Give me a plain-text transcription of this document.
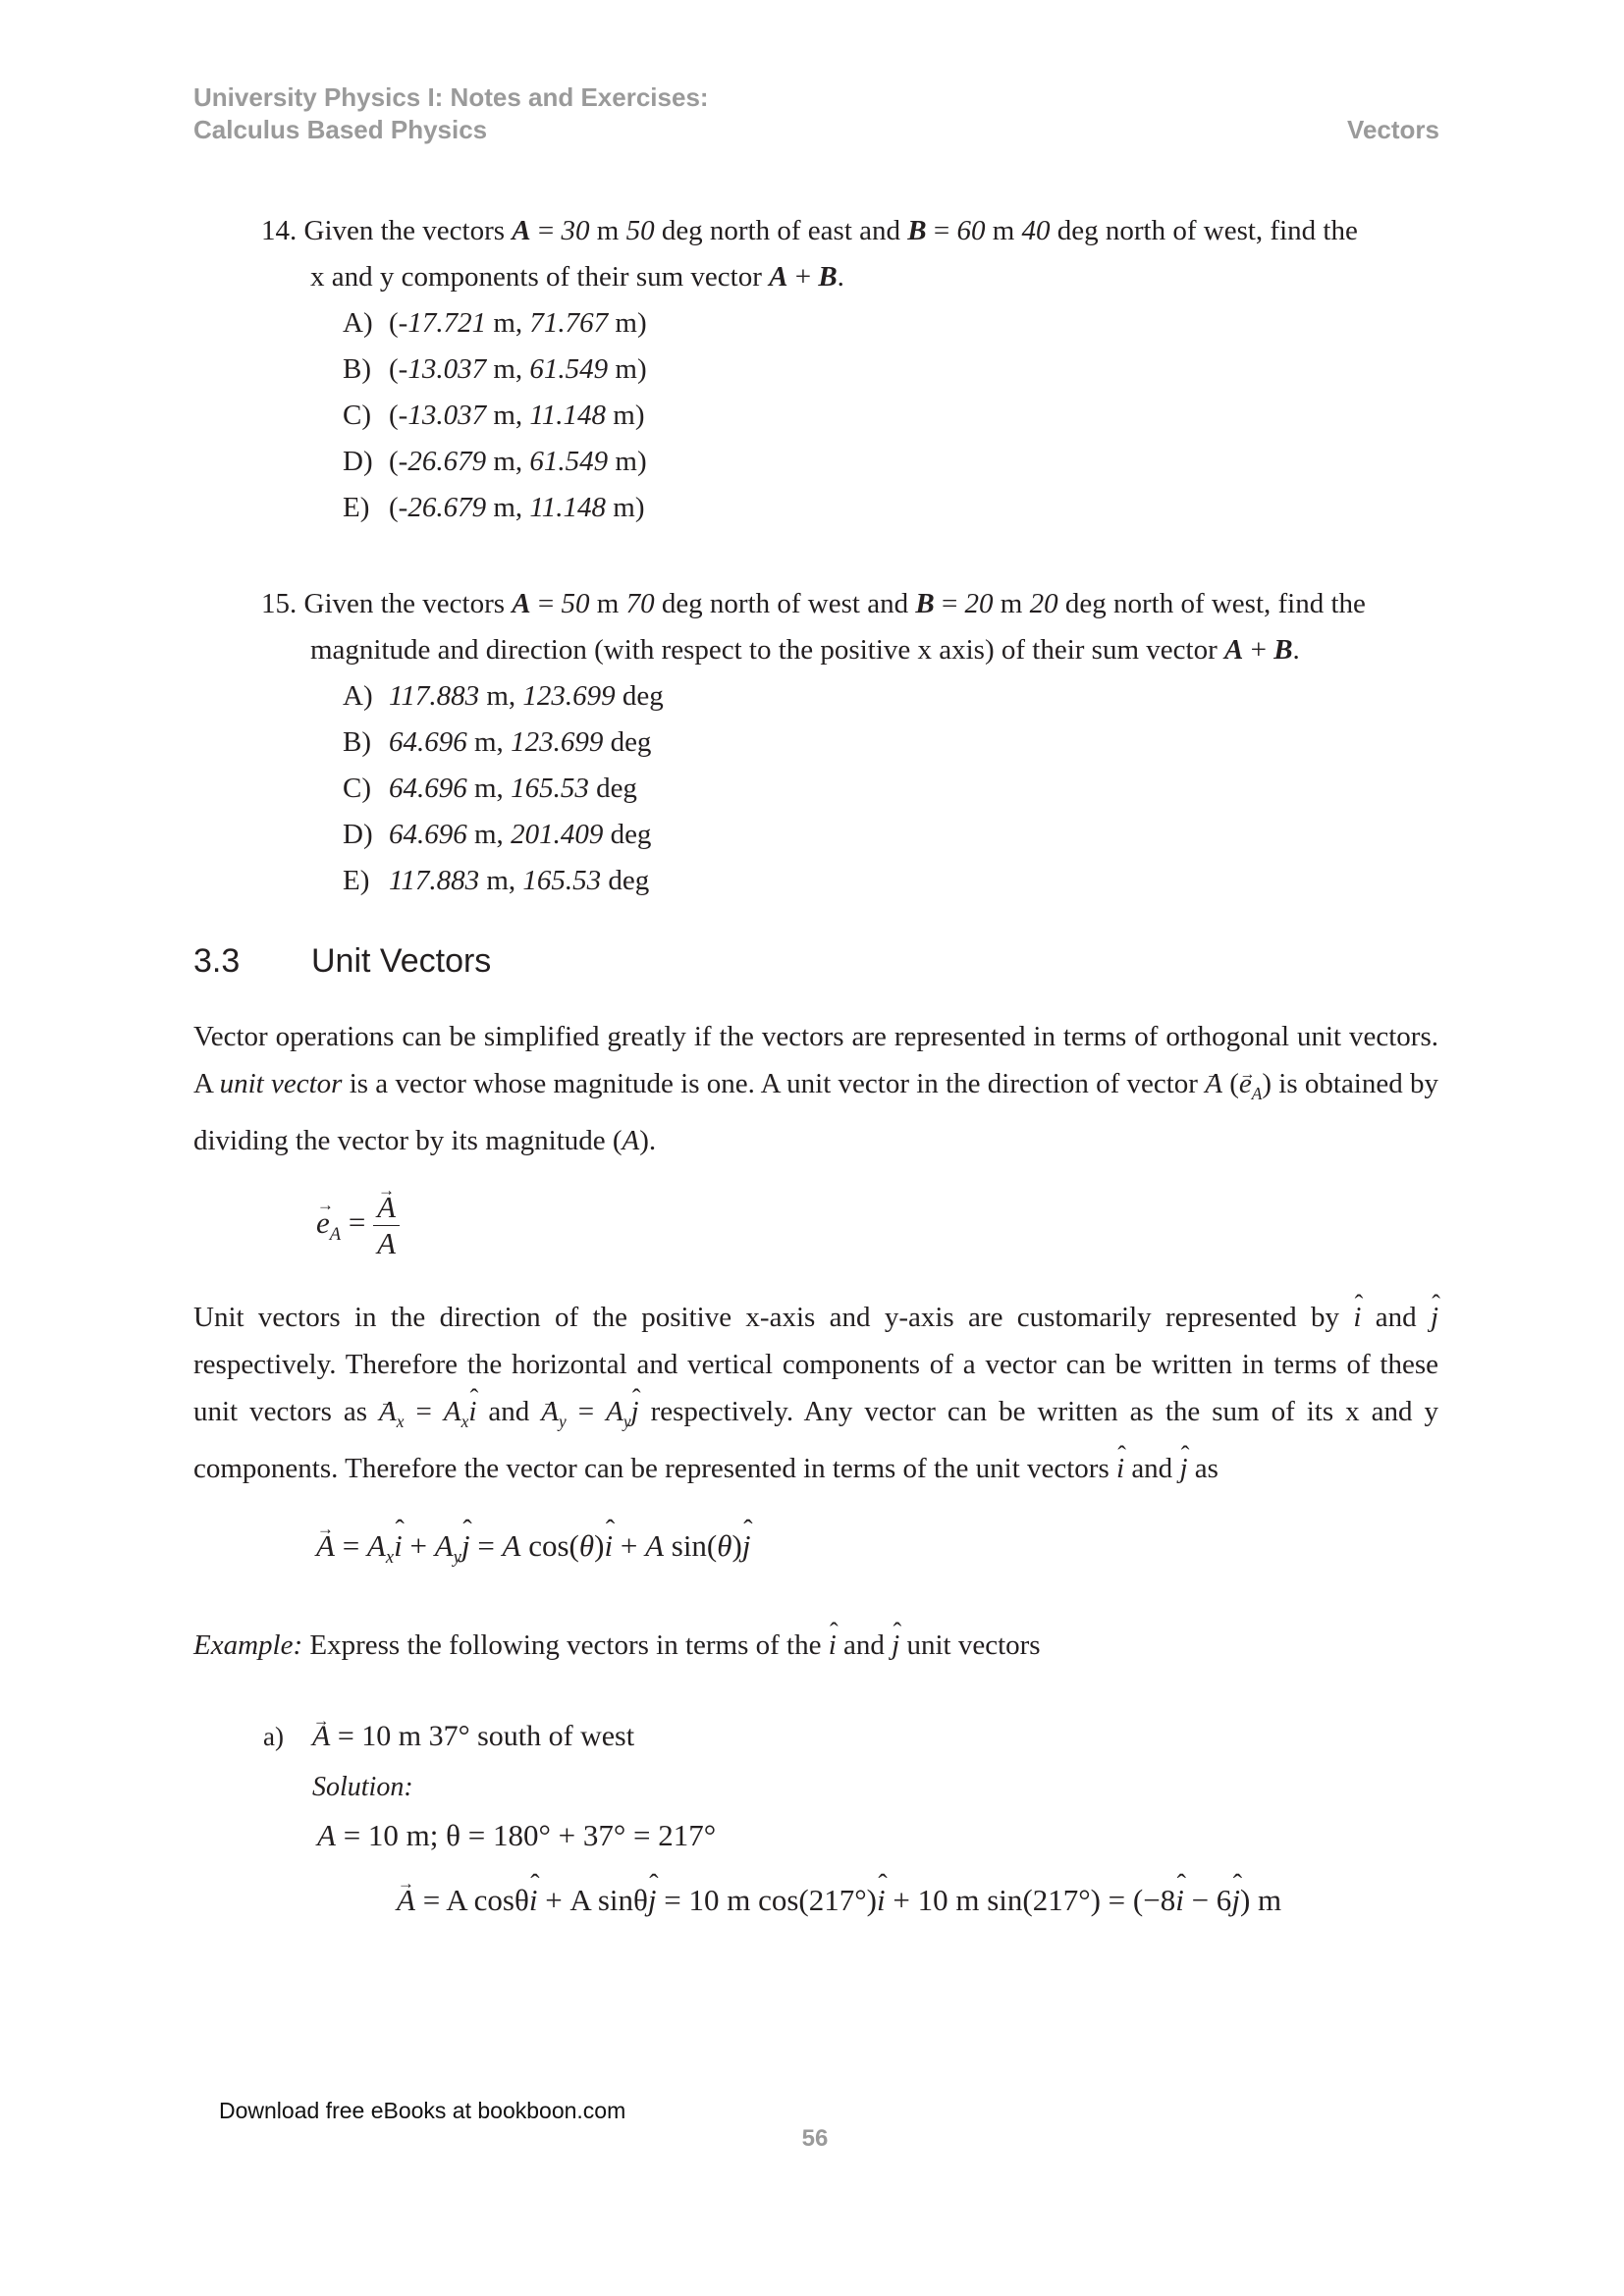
University Physics I: Notes and Exercises:
Calculus Based Physics	Vectors
14. Given the vectors A = 30 m 50 deg north of east and B = 60 m 40 deg north of west, find the
x and y components of their sum vector A + B.
A) (-17.721 m, 71.767 m)
B) (-13.037 m, 61.549 m)
C) (-13.037 m, 11.148 m)
D) (-26.679 m, 61.549 m)
E) (-26.679 m, 11.148 m)
15. Given the vectors A = 50 m 70 deg north of west and B = 20 m 20 deg north of west, find the
magnitude and direction (with respect to the positive x axis) of their sum vector A + B.
A) 117.883 m, 123.699 deg
B) 64.696 m, 123.699 deg
C) 64.696 m, 165.53 deg
D) 64.696 m, 201.409 deg
E) 117.883 m, 165.53 deg
3.3 Unit Vectors
Vector operations can be simplified greatly if the vectors are represented in terms of orthogonal unit vectors. A unit vector is a vector whose magnitude is one. A unit vector in the direction of vector → A (→ $e_A$) is obtained by dividing the vector by its magnitude (A).
→ $e_A$ = → $\frac{A}{A}$
Unit vectors in the direction of the positive x-axis and y-axis are customarily represented by ˆ i and ˆ j respectively. Therefore the horizontal and vertical components of a vector can be written in terms of these unit vectors as → $A_x$ = $A_xˆ$ i and → $A_y$ = $A_yˆ$ j respectively. Any vector can be written as the sum of its x and y components. Therefore the vector can be represented in terms of the unit vectors ˆ i and ˆ j as
→ $A = A_xˆ$ $i + A_yˆ$ j = A cos(θ)ˆ i + A sin(θ)ˆ j
Example: Express the following vectors in terms of the ˆ i and ˆ j unit vectors
a) → A = 10 m 37° south of west
Solution:
A = 10 m; θ = 180° + 37° = 217°
→ A = A cosθˆ i + A sinθˆ j = 10 m cos(217°)ˆ i + 10 m sin(217°) = (−8ˆ i − 6ˆ j) m
Download free eBooks at bookboon.com
56
